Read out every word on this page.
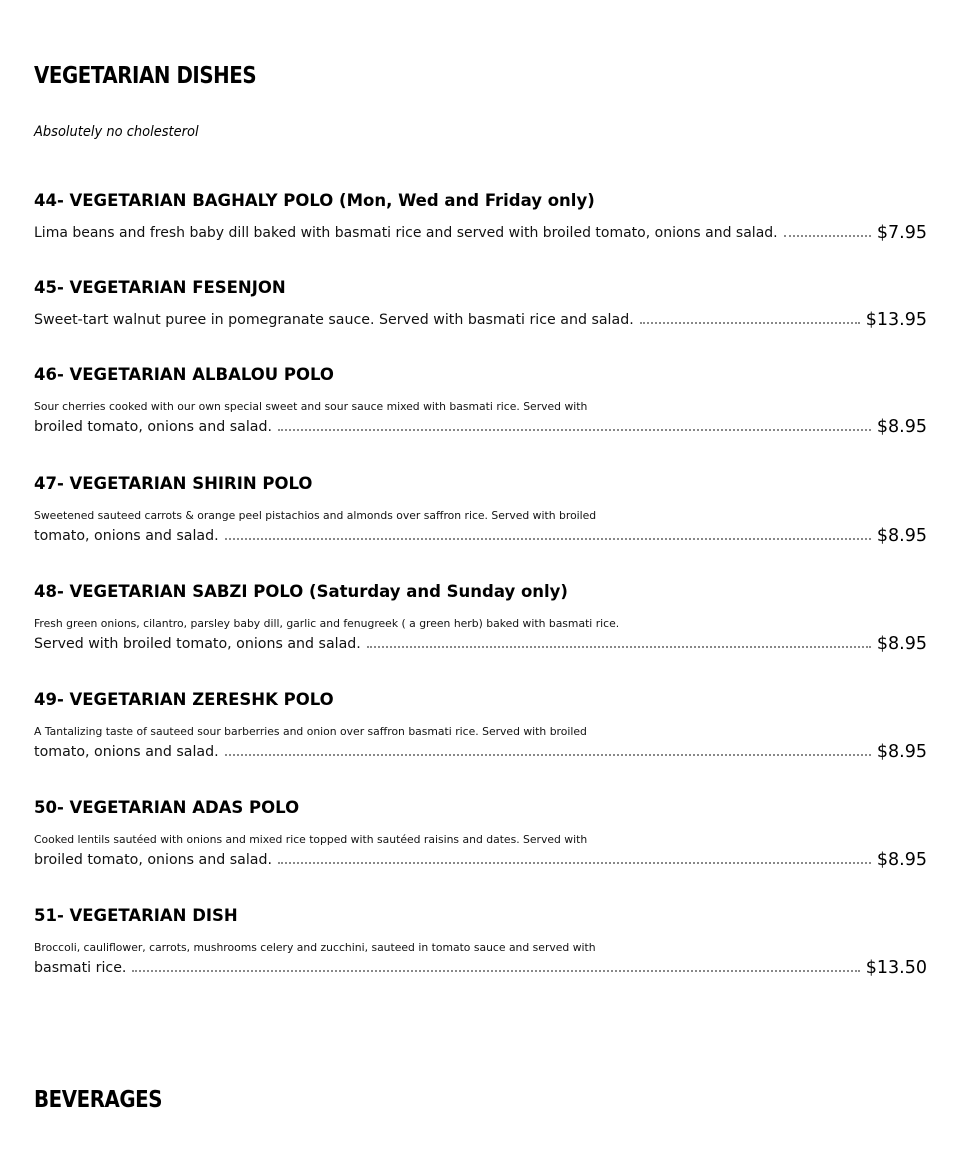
VEGETARIAN DISHES

Absolutely no cholesterol

44- VEGETARIAN BAGHALY POLO (Mon, Wed and Friday only)
Lima beans and fresh baby dill baked with basmati rice and served with broiled tomato, onions and salad.	$7.95
45- VEGETARIAN FESENJON
Sweet-tart walnut puree in pomegranate sauce. Served with basmati rice and salad.	$13.95
46- VEGETARIAN ALBALOU POLO
Sour cherries cooked with our own special sweet and sour sauce mixed with basmati rice. Served with
broiled tomato, onions and salad.	$8.95
47- VEGETARIAN SHIRIN POLO
Sweetened sauteed carrots & orange peel pistachios and almonds over saffron rice. Served with broiled
tomato, onions and salad.	$8.95
48- VEGETARIAN SABZI POLO (Saturday and Sunday only)
Fresh green onions, cilantro, parsley baby dill, garlic and fenugreek ( a green herb) baked with basmati rice.
Served with broiled tomato, onions and salad.	$8.95
49- VEGETARIAN ZERESHK POLO
A Tantalizing taste of sauteed sour barberries and onion over saffron basmati rice. Served with broiled
tomato, onions and salad.	$8.95
50- VEGETARIAN ADAS POLO
Cooked lentils sautéed with onions and mixed rice topped with sautéed raisins and dates. Served with
broiled tomato, onions and salad.	$8.95
51- VEGETARIAN DISH
Broccoli, cauliflower, carrots, mushrooms celery and zucchini, sauteed in tomato sauce and served with
basmati rice.	$13.50
BEVERAGES
